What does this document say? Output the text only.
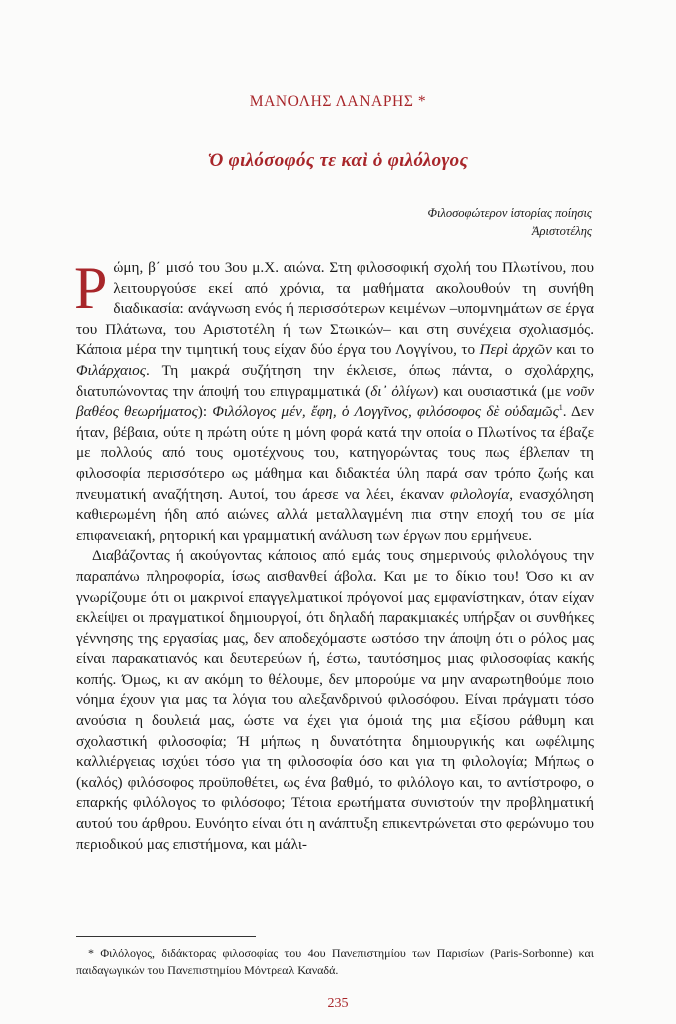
ΜΑΝΟΛΗΣ ΛΑΝΑΡΗΣ *
Ὁ φιλόσοφός τε καὶ ὁ φιλόλογος
Φιλοσοφώτερον ἱστορίας ποίησις
Ἀριστοτέλης

Ρώμη, β΄ μισό του 3ου μ.Χ. αιώνα. Στη φιλοσοφική σχολή του Πλωτίνου, που λειτουργούσε εκεί από χρόνια, τα μαθήματα ακολουθούν τη συνήθη διαδικασία: ανάγνωση ενός ή περισσότερων κειμένων –υπομνημάτων σε έργα του Πλάτωνα, του Αριστοτέλη ή των Στωικών– και στη συνέχεια σχολιασμός. Κάποια μέρα την τιμητική τους είχαν δύο έργα του Λογγίνου, το Περὶ ἀρχῶν και το Φιλάρχαιος. Τη μακρά συζήτηση την έκλεισε, όπως πάντα, ο σχολάρχης, διατυπώνοντας την άποψή του επιγραμματικά (δι᾽ ὀλίγων) και ουσιαστικά (με νοῦν βαθέος θεωρήματος): Φιλόλογος μέν, ἔφη, ὁ Λογγῖνος, φιλόσοφος δὲ οὐδαμῶς$^1$. Δεν ήταν, βέβαια, ούτε η πρώτη ούτε η μόνη φορά κατά την οποία ο Πλωτίνος τα έβαζε με πολλούς από τους ομοτέχνους του, κατηγορώντας τους πως έβλεπαν τη φιλοσοφία περισσότερο ως μάθημα και διδακτέα ύλη παρά σαν τρόπο ζωής και πνευματική αναζήτηση. Αυτοί, του άρεσε να λέει, έκαναν φιλολογία, ενασχόληση καθιερωμένη ήδη από αιώνες αλλά μεταλλαγμένη πια στην εποχή του σε μία επιφανειακή, ρητορική και γραμματική ανάλυση των έργων που ερμήνευε.

Διαβάζοντας ή ακούγοντας κάποιος από εμάς τους σημερινούς φιλολόγους την παραπάνω πληροφορία, ίσως αισθανθεί άβολα. Και με το δίκιο του! Όσο κι αν γνωρίζουμε ότι οι μακρινοί επαγγελματικοί πρόγονοί μας εμφανίστηκαν, όταν είχαν εκλείψει οι πραγματικοί δημιουργοί, ότι δηλαδή παρακμιακές υπήρξαν οι συνθήκες γέννησης της εργασίας μας, δεν αποδεχόμαστε ωστόσο την άποψη ότι ο ρόλος μας είναι παρακατιανός και δευτερεύων ή, έστω, ταυτόσημος μιας φιλοσοφίας κακής κοπής. Όμως, κι αν ακόμη το θέλουμε, δεν μπορούμε να μην αναρωτηθούμε ποιο νόημα έχουν για μας τα λόγια του αλεξανδρινού φιλοσόφου. Είναι πράγματι τόσο ανούσια η δουλειά μας, ώστε να έχει για όμοιά της μια εξίσου ράθυμη και σχολαστική φιλοσοφία; Ή μήπως η δυνατότητα δημιουργικής και ωφέλιμης καλλιέργειας ισχύει τόσο για τη φιλοσοφία όσο και για τη φιλολογία; Μήπως ο (καλός) φιλόσοφος προϋποθέτει, ως ένα βαθμό, το φιλόλογο και, το αντίστροφο, ο επαρκής φιλόλογος το φιλόσοφο; Τέτοια ερωτήματα συνιστούν την προβληματική αυτού του άρθρου. Ευνόητο είναι ότι η ανάπτυξη επικεντρώνεται στο φερώνυμο του περιοδικού μας επιστήμονα, και μάλι-

* Φιλόλογος, διδάκτορας φιλοσοφίας του 4ου Πανεπιστημίου των Παρισίων (Paris-Sorbonne) και παιδαγωγικών του Πανεπιστημίου Μόντρεαλ Καναδά.
235
